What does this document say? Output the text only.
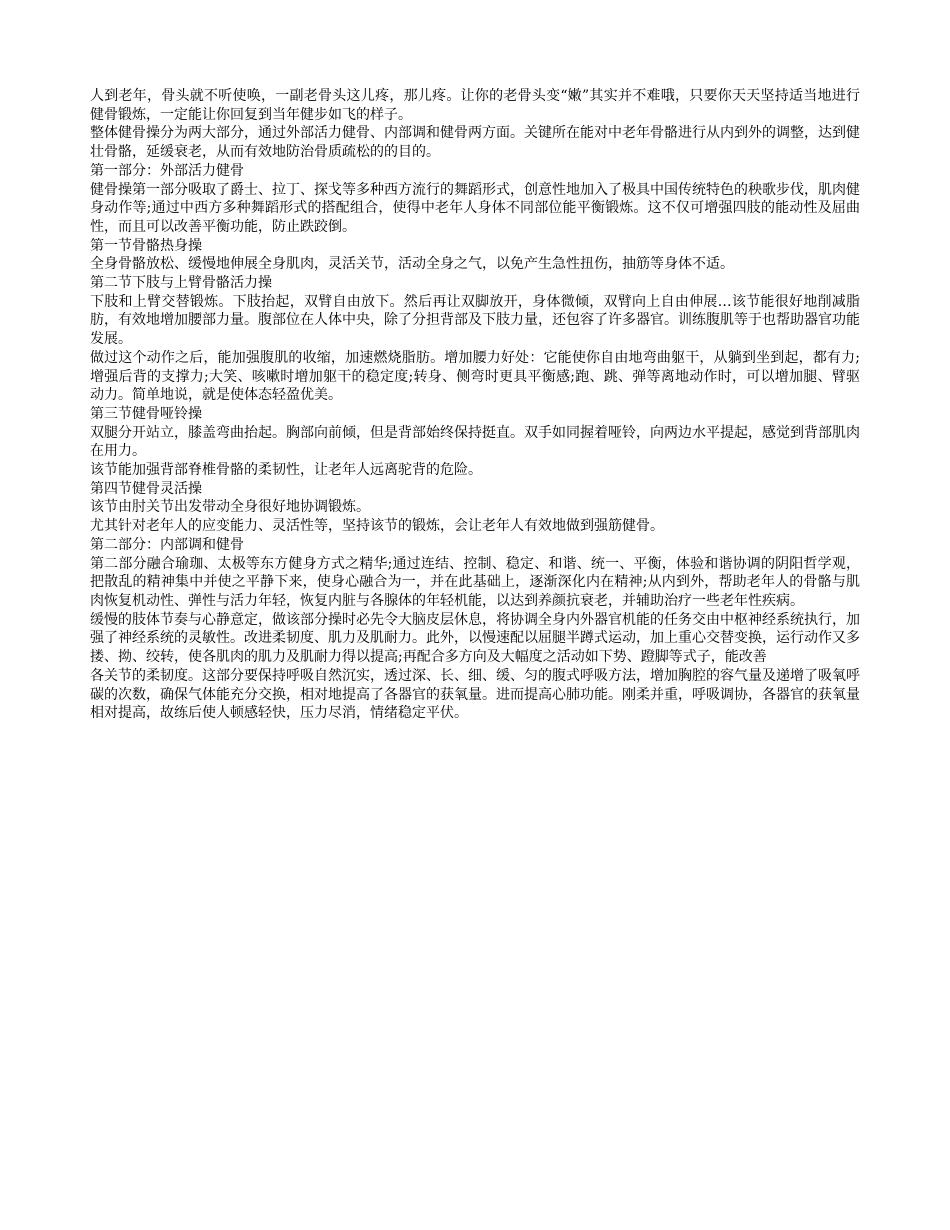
人到老年，骨头就不听使唤，一副老骨头这儿疼，那儿疼。让你的老骨头变“嫩”其实并不难哦，只要你天天坚持适当地进行健骨锻炼，一定能让你回复到当年健步如飞的样子。

整体健骨操分为两大部分，通过外部活力健骨、内部调和健骨两方面。关键所在能对中老年骨骼进行从内到外的调整，达到健壮骨骼，延缓衰老，从而有效地防治骨质疏松的的目的。

第一部分：外部活力健骨

健骨操第一部分吸取了爵士、拉丁、探戈等多种西方流行的舞蹈形式，创意性地加入了极具中国传统特色的秧歌步伐，肌肉健身动作等;通过中西方多种舞蹈形式的搭配组合，使得中老年人身体不同部位能平衡锻炼。这不仅可增强四肢的能动性及屈曲性，而且可以改善平衡功能，防止跌跤倒。

第一节骨骼热身操

全身骨骼放松、缓慢地伸展全身肌肉，灵活关节，活动全身之气，以免产生急性扭伤，抽筋等身体不适。

第二节下肢与上臂骨骼活力操

下肢和上臂交替锻炼。下肢抬起，双臂自由放下。然后再让双脚放开，身体微倾，双臂向上自由伸展…该节能很好地削减脂肪，有效地增加腰部力量。腹部位在人体中央，除了分担背部及下肢力量，还包容了许多器官。训练腹肌等于也帮助器官功能发展。

做过这个动作之后，能加强腹肌的收缩，加速燃烧脂肪。增加腰力好处：它能使你自由地弯曲躯干，从躺到坐到起，都有力;增强后背的支撑力;大笑、咳嗽时增加躯干的稳定度;转身、侧弯时更具平衡感;跑、跳、弹等离地动作时，可以增加腿、臂驱动力。简单地说，就是使体态轻盈优美。

第三节健骨哑铃操

双腿分开站立，膝盖弯曲抬起。胸部向前倾，但是背部始终保持挺直。双手如同握着哑铃，向两边水平提起，感觉到背部肌肉在用力。

该节能加强背部脊椎骨骼的柔韧性，让老年人远离驼背的危险。

第四节健骨灵活操

该节由肘关节出发带动全身很好地协调锻炼。

尤其针对老年人的应变能力、灵活性等，坚持该节的锻炼，会让老年人有效地做到强筋健骨。

第二部分：内部调和健骨

第二部分融合瑜珈、太极等东方健身方式之精华;通过连结、控制、稳定、和谐、统一、平衡，体验和谐协调的阴阳哲学观，把散乱的精神集中并使之平静下来，使身心融合为一，并在此基础上，逐渐深化内在精神;从内到外，帮助老年人的骨骼与肌肉恢复机动性、弹性与活力年轻，恢复内脏与各腺体的年轻机能，以达到养颜抗衰老，并辅助治疗一些老年性疾病。

缓慢的肢体节奏与心静意定，做该部分操时必先令大脑皮层休息，将协调全身内外器官机能的任务交由中枢神经系统执行，加强了神经系统的灵敏性。改进柔韧度、肌力及肌耐力。此外，以慢速配以屈腿半蹲式运动，加上重心交替变换，运行动作又多搂、拗、绞转，使各肌肉的肌力及肌耐力得以提高;再配合多方向及大幅度之活动如下势、蹬脚等式子，能改善

各关节的柔韧度。这部分要保持呼吸自然沉实，透过深、长、细、缓、匀的腹式呼吸方法，增加胸腔的容气量及递增了吸氧呼碳的次数，确保气体能充分交换，相对地提高了各器官的获氧量。进而提高心肺功能。刚柔并重，呼吸调协，各器官的获氧量相对提高，故练后使人顿感轻快，压力尽消，情绪稳定平伏。
